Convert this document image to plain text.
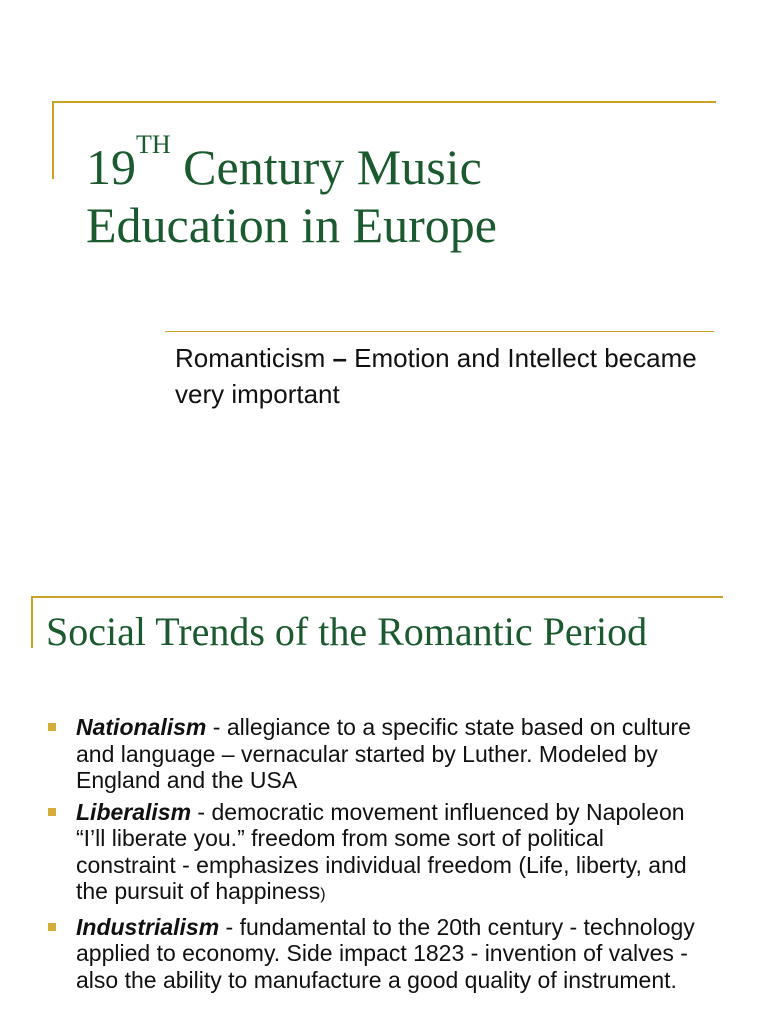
19TH Century Music
Education in Europe
Romanticism – Emotion and Intellect became very important
Social Trends of the Romantic Period
Nationalism - allegiance to a specific state based on culture and language – vernacular started by Luther. Modeled by England and the USA
Liberalism - democratic movement influenced by Napoleon “I’ll liberate you.” freedom from some sort of political constraint - emphasizes individual freedom (Life, liberty, and the pursuit of happiness)
Industrialism - fundamental to the 20th century - technology applied to economy. Side impact 1823 - invention of valves - also the ability to manufacture a good quality of instrument.
